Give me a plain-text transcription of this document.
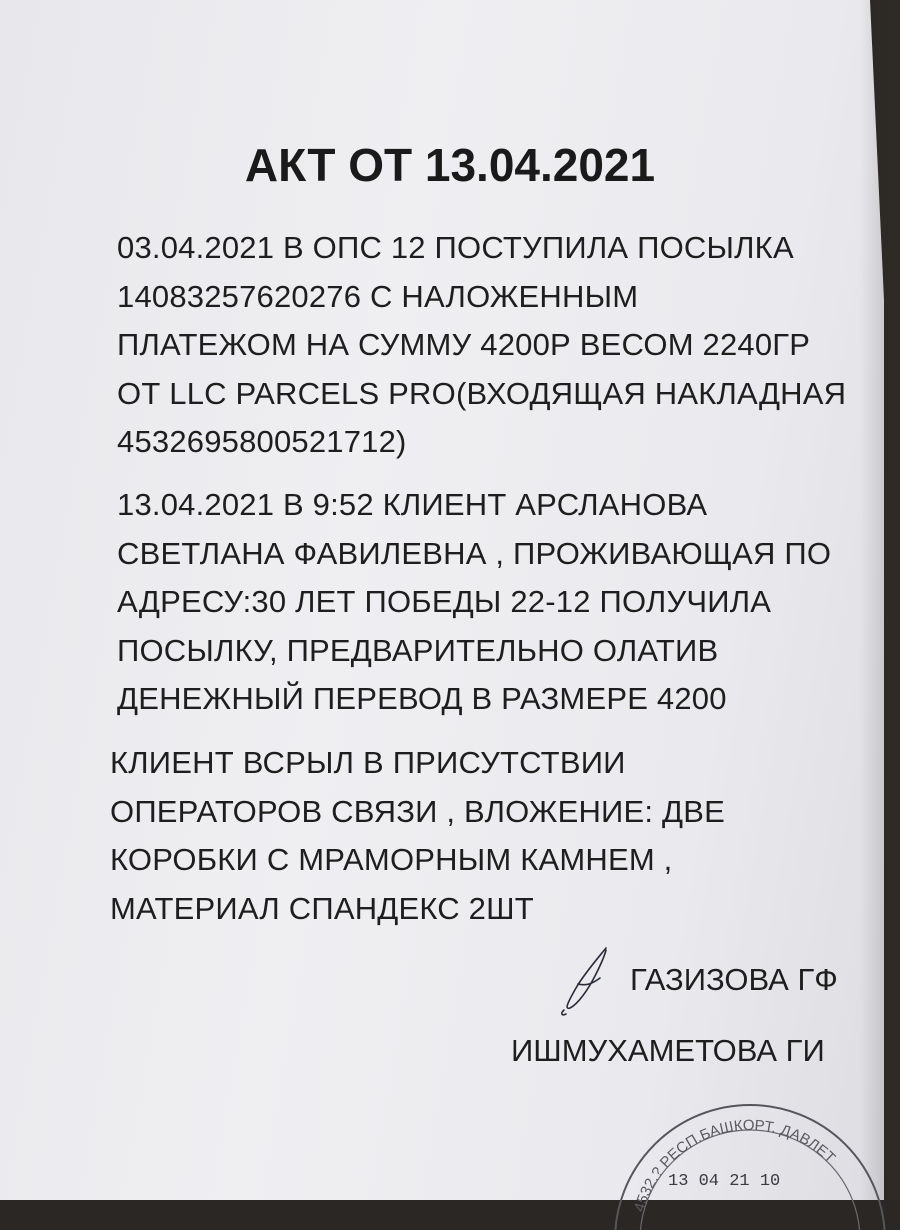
АКТ ОТ 13.04.2021

03.04.2021 В ОПС 12 ПОСТУПИЛА ПОСЫЛКА
14083257620276 С НАЛОЖЕННЫМ
ПЛАТЕЖОМ НА СУММУ 4200Р ВЕСОМ 2240ГР
ОТ LLC PARCELS PRO(ВХОДЯЩАЯ НАКЛАДНАЯ
4532695800521712)

13.04.2021 В 9:52 КЛИЕНТ АРСЛАНОВА
СВЕТЛАНА ФАВИЛЕВНА , ПРОЖИВАЮЩАЯ ПО
АДРЕСУ:30 ЛЕТ ПОБЕДЫ 22-12 ПОЛУЧИЛА
ПОСЫЛКУ, ПРЕДВАРИТЕЛЬНО ОЛАТИВ
ДЕНЕЖНЫЙ ПЕРЕВОД В РАЗМЕРЕ 4200

КЛИЕНТ ВСРЫЛ В ПРИСУТСТВИИ
ОПЕРАТОРОВ СВЯЗИ , ВЛОЖЕНИЕ: ДВЕ
КОРОБКИ С МРАМОРНЫМ КАМНЕМ ,
МАТЕРИАЛ СПАНДЕКС 2ШТ

ГАЗИЗОВА ГФ

ИШМУХАМЕТОВА ГИ

4532.? РЕСП.БАШКОРТ. ДАВЛЕТ
13 04 21 10
